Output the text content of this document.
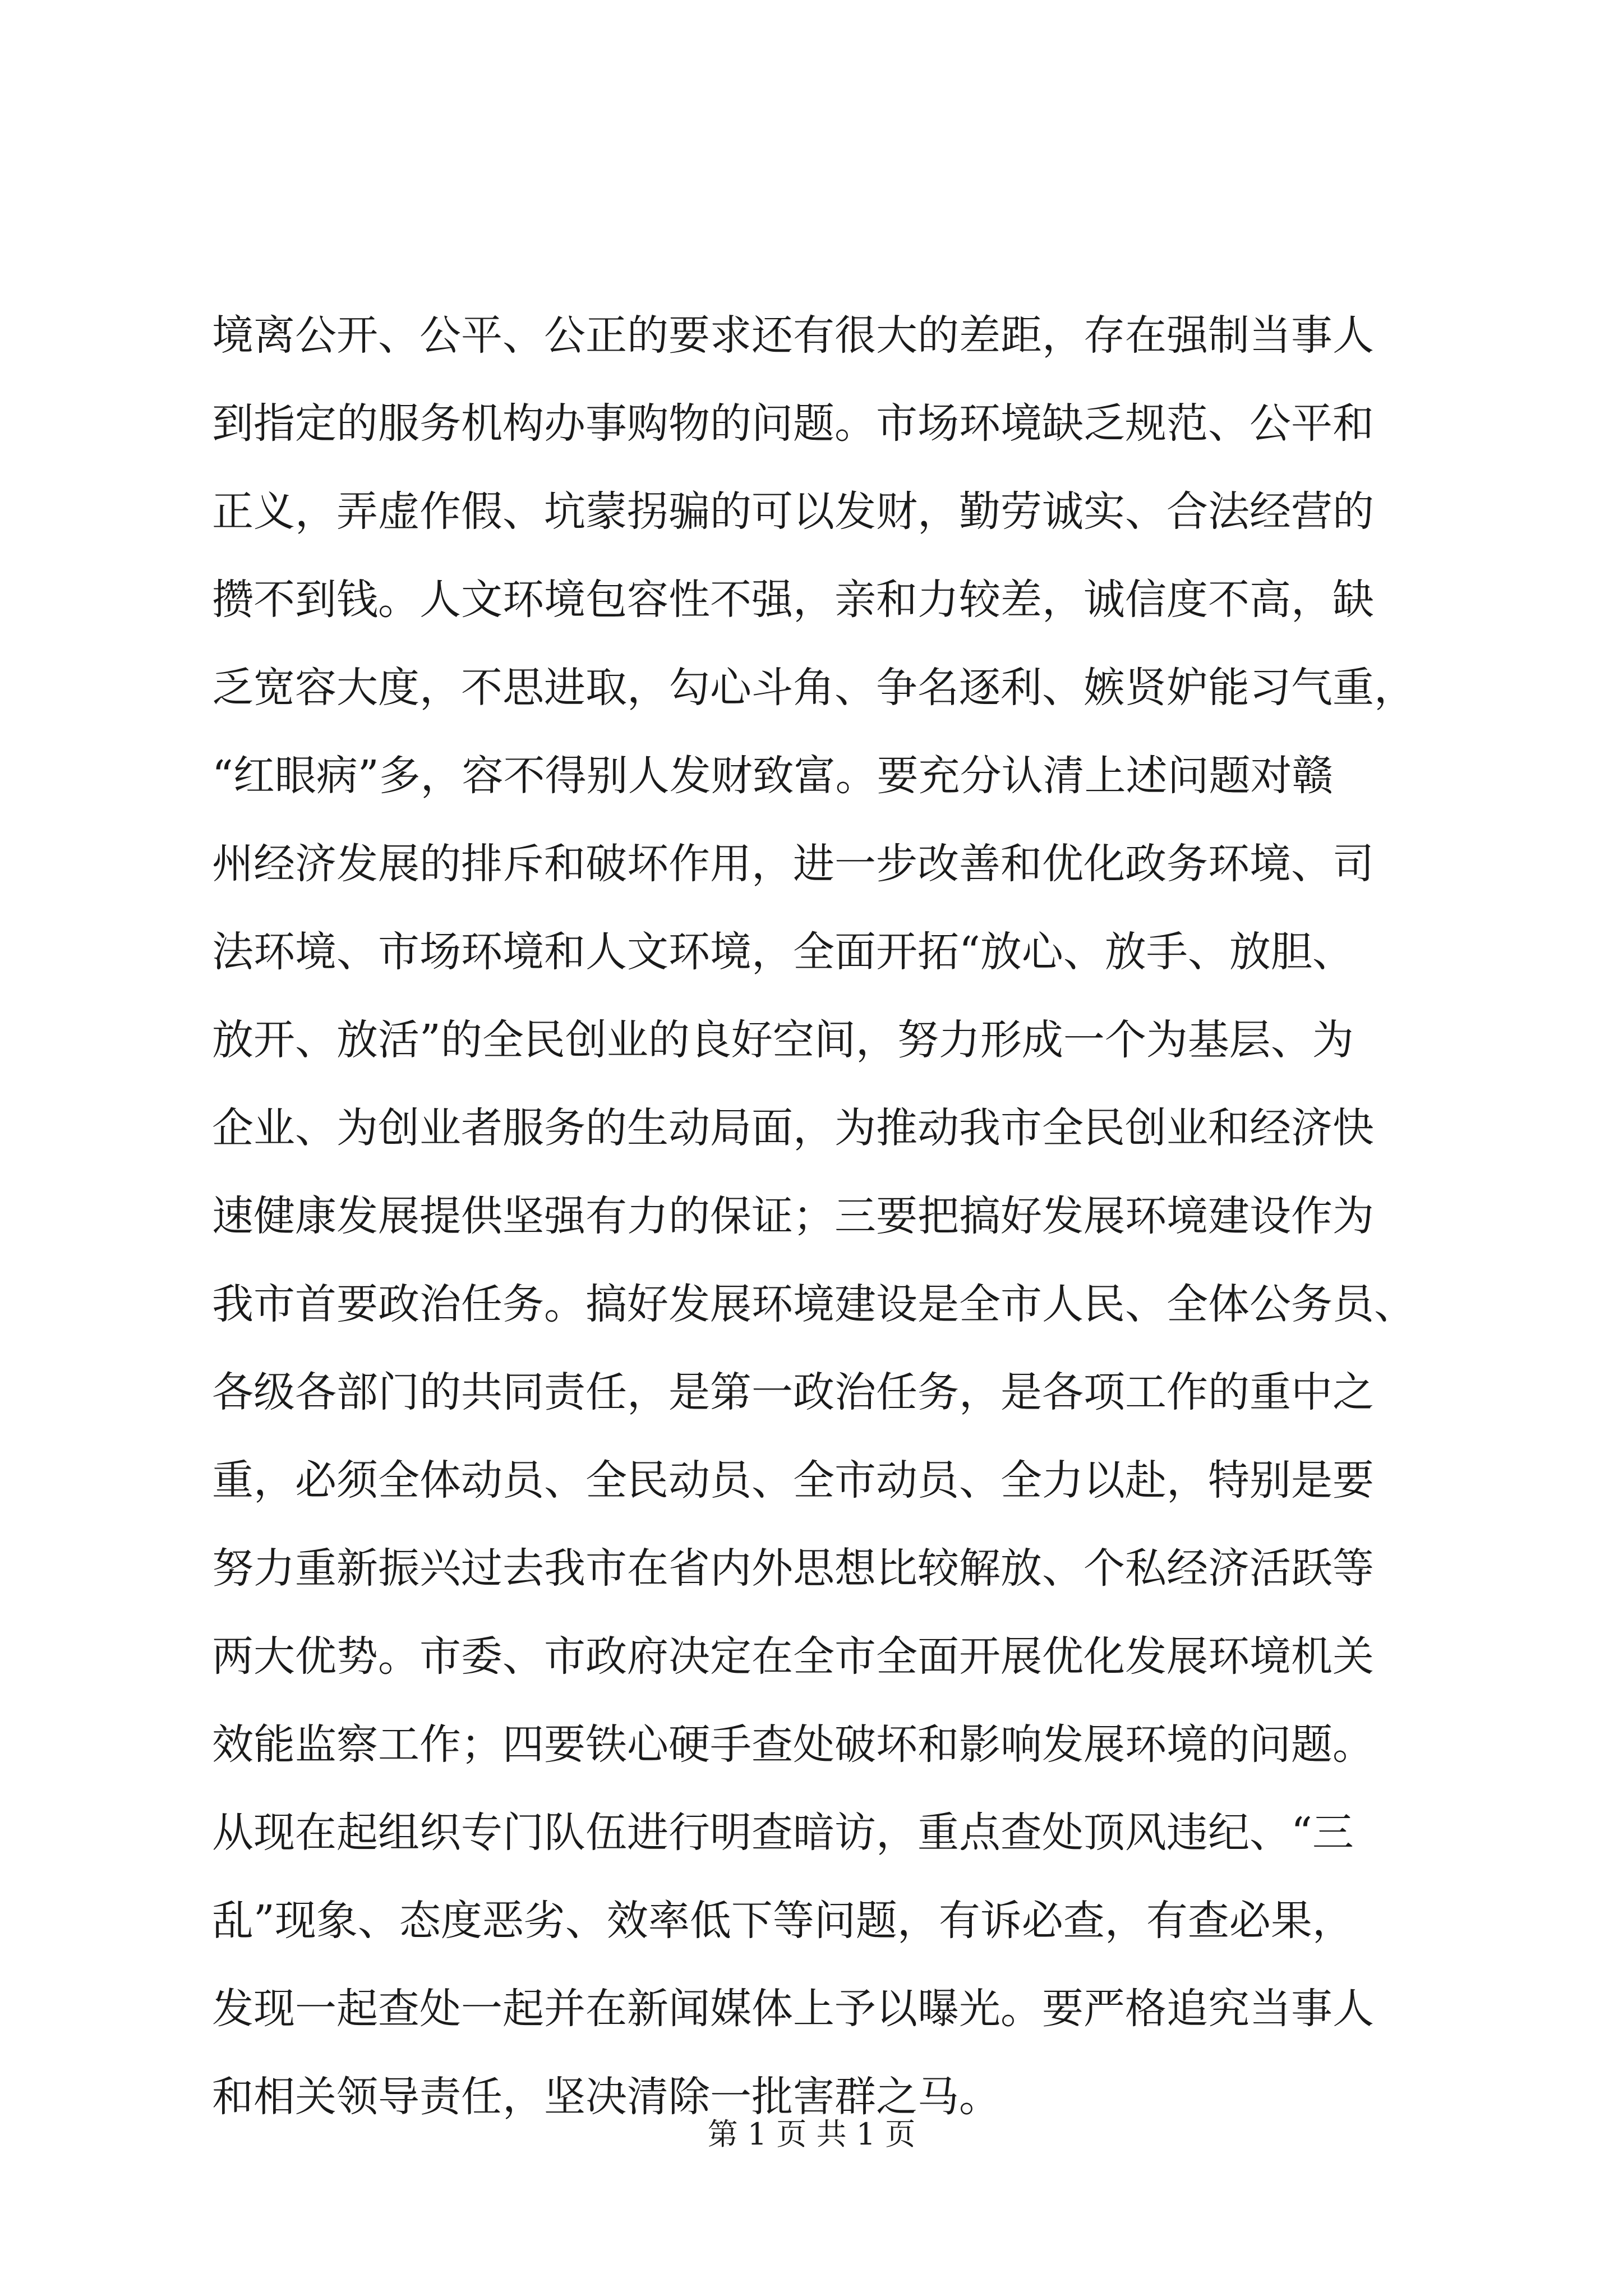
境离公开、公平、公正的要求还有很大的差距，存在强制当事人
到指定的服务机构办事购物的问题。市场环境缺乏规范、公平和
正义，弄虚作假、坑蒙拐骗的可以发财，勤劳诚实、合法经营的
攒不到钱。人文环境包容性不强，亲和力较差，诚信度不高，缺
乏宽容大度，不思进取，勾心斗角、争名逐利、嫉贤妒能习气重，
“红眼病”多，容不得别人发财致富。要充分认清上述问题对赣
州经济发展的排斥和破坏作用，进一步改善和优化政务环境、司
法环境、市场环境和人文环境，全面开拓“放心、放手、放胆、
放开、放活”的全民创业的良好空间，努力形成一个为基层、为
企业、为创业者服务的生动局面，为推动我市全民创业和经济快
速健康发展提供坚强有力的保证；三要把搞好发展环境建设作为
我市首要政治任务。搞好发展环境建设是全市人民、全体公务员、
各级各部门的共同责任，是第一政治任务，是各项工作的重中之
重，必须全体动员、全民动员、全市动员、全力以赴，特别是要
努力重新振兴过去我市在省内外思想比较解放、个私经济活跃等
两大优势。市委、市政府决定在全市全面开展优化发展环境机关
效能监察工作；四要铁心硬手查处破坏和影响发展环境的问题。
从现在起组织专门队伍进行明查暗访，重点查处顶风违纪、“三
乱”现象、态度恶劣、效率低下等问题，有诉必查，有查必果，
发现一起查处一起并在新闻媒体上予以曝光。要严格追究当事人
和相关领导责任，坚决清除一批害群之马。
第 1 页 共 1 页
